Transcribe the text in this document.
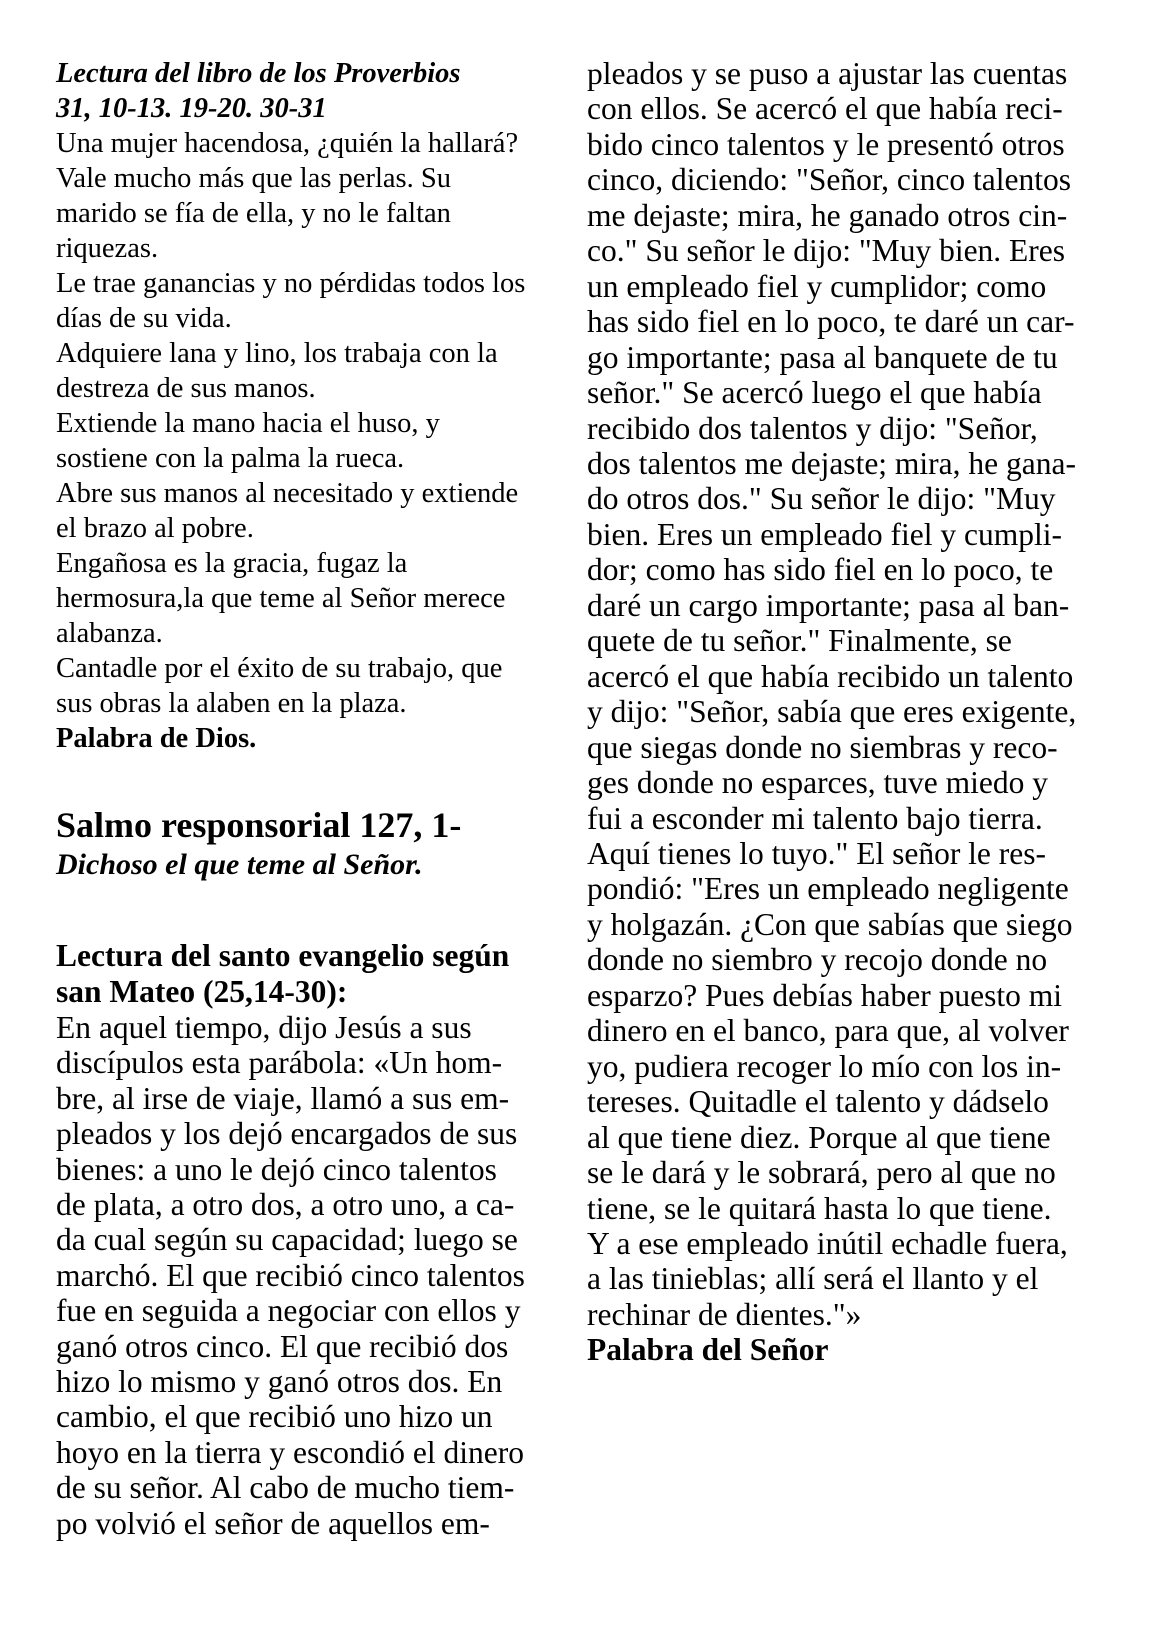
Lectura del libro de los Proverbios
31, 10-13. 19-20. 30-31
Una mujer hacendosa, ¿quién la hallará?
Vale mucho más que las perlas. Su
marido se fía de ella, y no le faltan
riquezas.
Le trae ganancias y no pérdidas todos los
días de su vida.
Adquiere lana y lino, los trabaja con la
destreza de sus manos.
Extiende la mano hacia el huso, y
sostiene con la palma la rueca.
Abre sus manos al necesitado y extiende
el brazo al pobre.
Engañosa es la gracia, fugaz la
hermosura,la que teme al Señor merece
alabanza.
Cantadle por el éxito de su trabajo, que
sus obras la alaben en la plaza.
Palabra de Dios.
Salmo responsorial 127, 1-
Dichoso el que teme al Señor.
Lectura del santo evangelio según
san Mateo (25,14-30):
En aquel tiempo, dijo Jesús a sus
discípulos esta parábola: «Un hom-
bre, al irse de viaje, llamó a sus em-
pleados y los dejó encargados de sus
bienes: a uno le dejó cinco talentos
de plata, a otro dos, a otro uno, a ca-
da cual según su capacidad; luego se
marchó. El que recibió cinco talentos
fue en seguida a negociar con ellos y
ganó otros cinco. El que recibió dos
hizo lo mismo y ganó otros dos. En
cambio, el que recibió uno hizo un
hoyo en la tierra y escondió el dinero
de su señor. Al cabo de mucho tiem-
po volvió el señor de aquellos em-
pleados y se puso a ajustar las cuentas
con ellos. Se acercó el que había reci-
bido cinco talentos y le presentó otros
cinco, diciendo: "Señor, cinco talentos
me dejaste; mira, he ganado otros cin-
co." Su señor le dijo: "Muy bien. Eres
un empleado fiel y cumplidor; como
has sido fiel en lo poco, te daré un car-
go importante; pasa al banquete de tu
señor." Se acercó luego el que había
recibido dos talentos y dijo: "Señor,
dos talentos me dejaste; mira, he gana-
do otros dos." Su señor le dijo: "Muy
bien. Eres un empleado fiel y cumpli-
dor; como has sido fiel en lo poco, te
daré un cargo importante; pasa al ban-
quete de tu señor." Finalmente, se
acercó el que había recibido un talento
y dijo: "Señor, sabía que eres exigente,
que siegas donde no siembras y reco-
ges donde no esparces, tuve miedo y
fui a esconder mi talento bajo tierra.
Aquí tienes lo tuyo." El señor le res-
pondió: "Eres un empleado negligente
y holgazán. ¿Con que sabías que siego
donde no siembro y recojo donde no
esparzo? Pues debías haber puesto mi
dinero en el banco, para que, al volver
yo, pudiera recoger lo mío con los in-
tereses. Quitadle el talento y dádselo
al que tiene diez. Porque al que tiene
se le dará y le sobrará, pero al que no
tiene, se le quitará hasta lo que tiene.
Y a ese empleado inútil echadle fuera,
a las tinieblas; allí será el llanto y el
rechinar de dientes."»
Palabra del Señor
